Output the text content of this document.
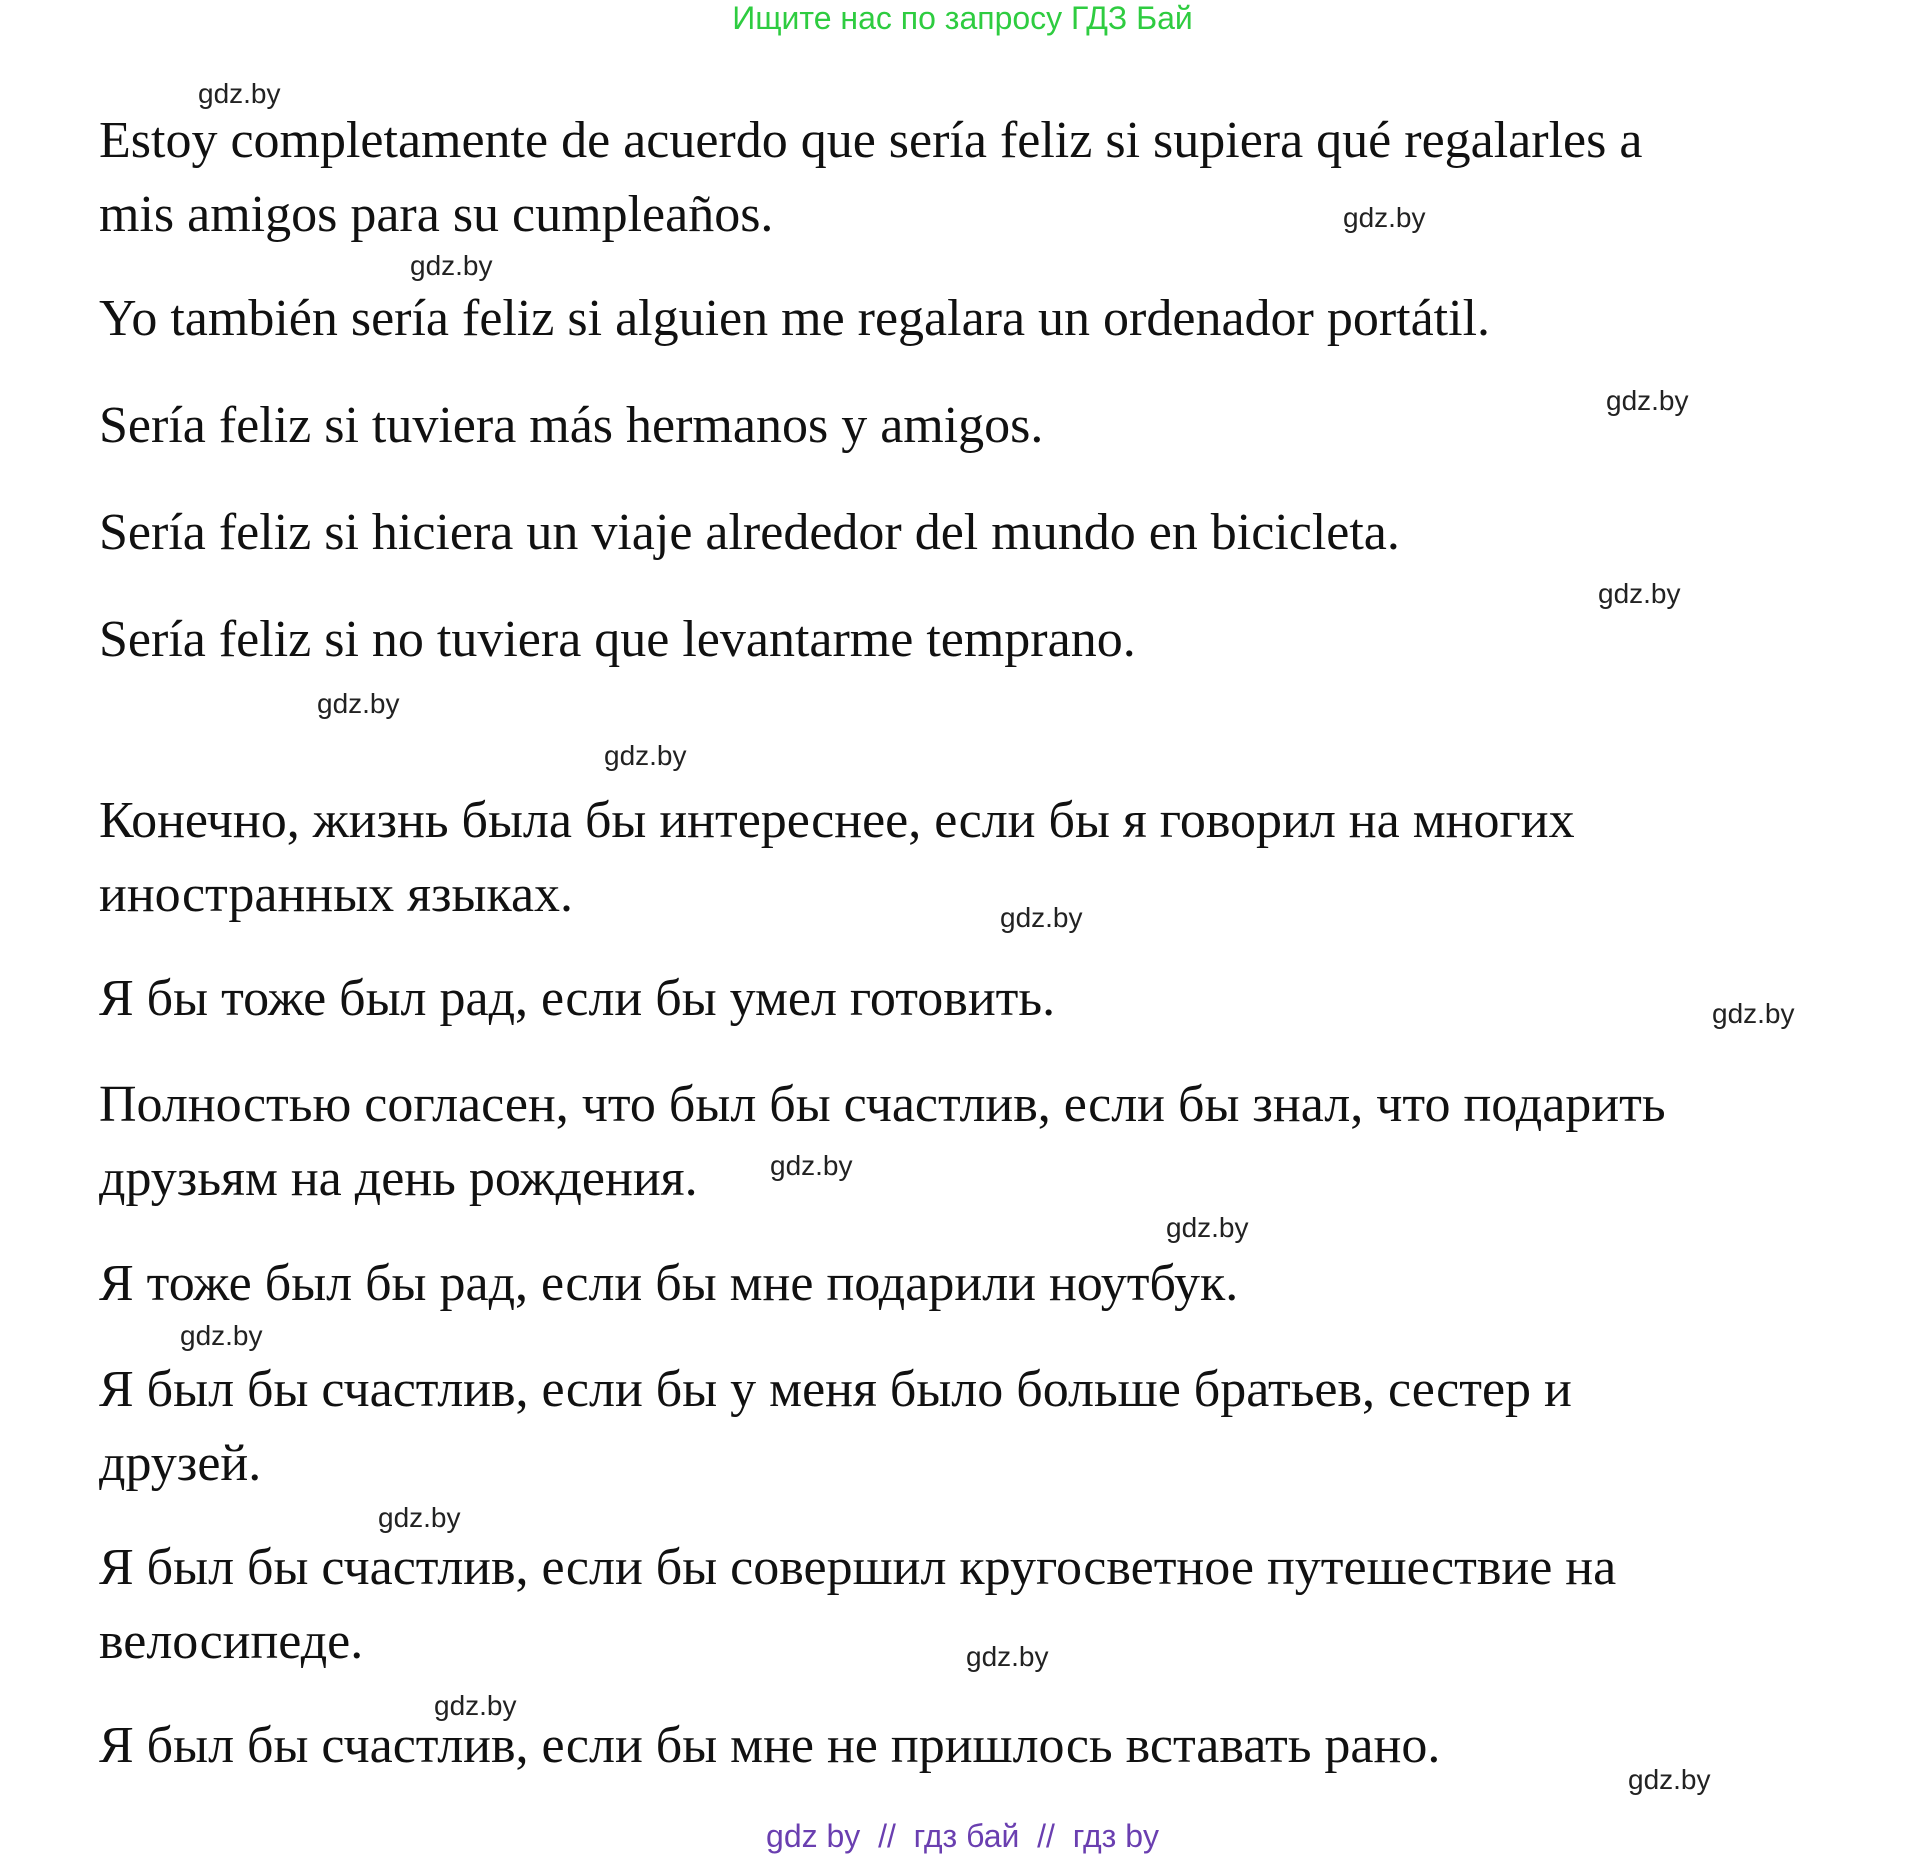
Ищите нас по запросу ГДЗ Бай
Estoy completamente de acuerdo que sería feliz si supiera qué regalarles a
mis amigos para su cumpleaños.
Yo también sería feliz si alguien me regalara un ordenador portátil.
Sería feliz si tuviera más hermanos y amigos.
Sería feliz si hiciera un viaje alrededor del mundo en bicicleta.
Sería feliz si no tuviera que levantarme temprano.
Конечно, жизнь была бы интереснее, если бы я говорил на многих
иностранных языках.
Я бы тоже был рад, если бы умел готовить.
Полностью согласен, что был бы счастлив, если бы знал, что подарить
друзьям на день рождения.
Я тоже был бы рад, если бы мне подарили ноутбук.
Я был бы счастлив, если бы у меня было больше братьев, сестер и
друзей.
Я был бы счастлив, если бы совершил кругосветное путешествие на
велосипеде.
Я был бы счастлив, если бы мне не пришлось вставать рано.
gdz.by
gdz.by
gdz.by
gdz.by
gdz.by
gdz.by
gdz.by
gdz.by
gdz.by
gdz.by
gdz.by
gdz.by
gdz.by
gdz.by
gdz.by
gdz.by
gdz by  //  гдз бай  //  гдз by
